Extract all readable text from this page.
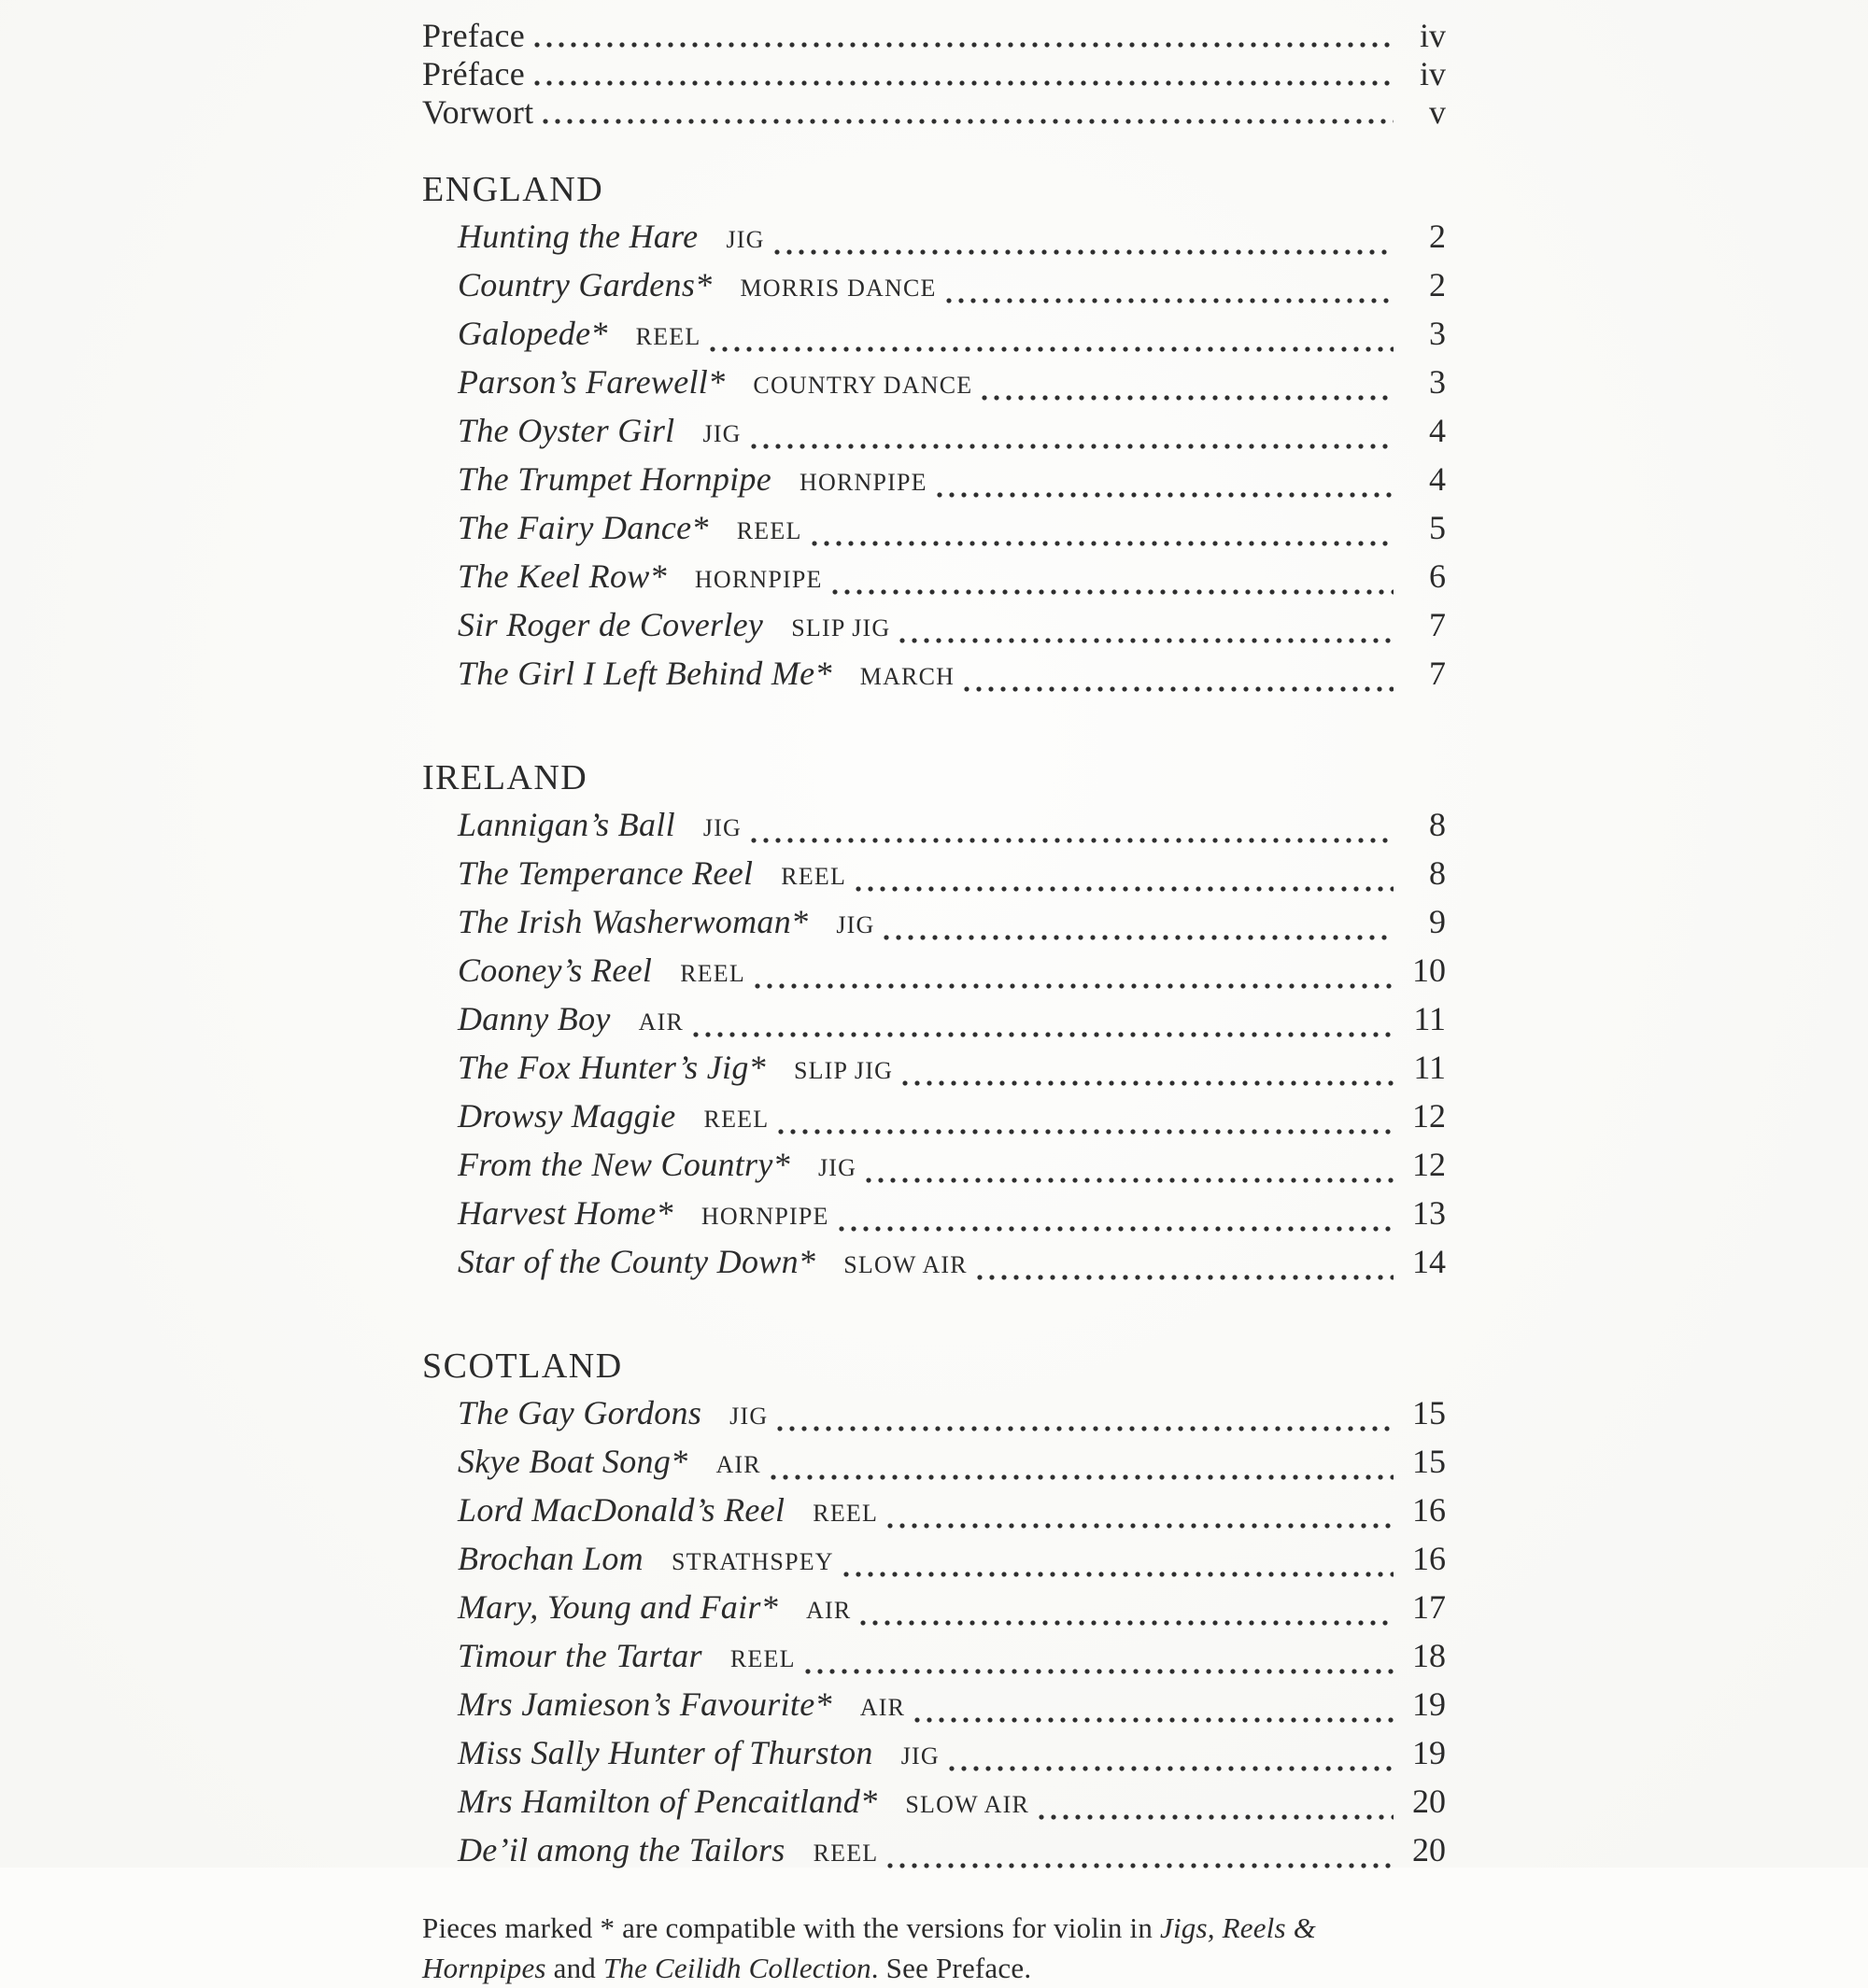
Preface	iv
Préface	iv
Vorwort	v
ENGLAND
Hunting the Hare JIG	2
Country Gardens* MORRIS DANCE	2
Galopede* REEL	3
Parson’s Farewell* COUNTRY DANCE	3
The Oyster Girl JIG	4
The Trumpet Hornpipe HORNPIPE	4
The Fairy Dance* REEL	5
The Keel Row* HORNPIPE	6
Sir Roger de Coverley SLIP JIG	7
The Girl I Left Behind Me* MARCH	7
IRELAND
Lannigan’s Ball JIG	8
The Temperance Reel REEL	8
The Irish Washerwoman* JIG	9
Cooney’s Reel REEL	10
Danny Boy AIR	11
The Fox Hunter’s Jig* SLIP JIG	11
Drowsy Maggie REEL	12
From the New Country* JIG	12
Harvest Home* HORNPIPE	13
Star of the County Down* SLOW AIR	14
SCOTLAND
The Gay Gordons JIG	15
Skye Boat Song* AIR	15
Lord MacDonald’s Reel REEL	16
Brochan Lom STRATHSPEY	16
Mary, Young and Fair* AIR	17
Timour the Tartar REEL	18
Mrs Jamieson’s Favourite* AIR	19
Miss Sally Hunter of Thurston JIG	19
Mrs Hamilton of Pencaitland* SLOW AIR	20
De’il among the Tailors REEL	20

Pieces marked * are compatible with the versions for violin in Jigs, Reels & Hornpipes and The Ceilidh Collection. See Preface.
